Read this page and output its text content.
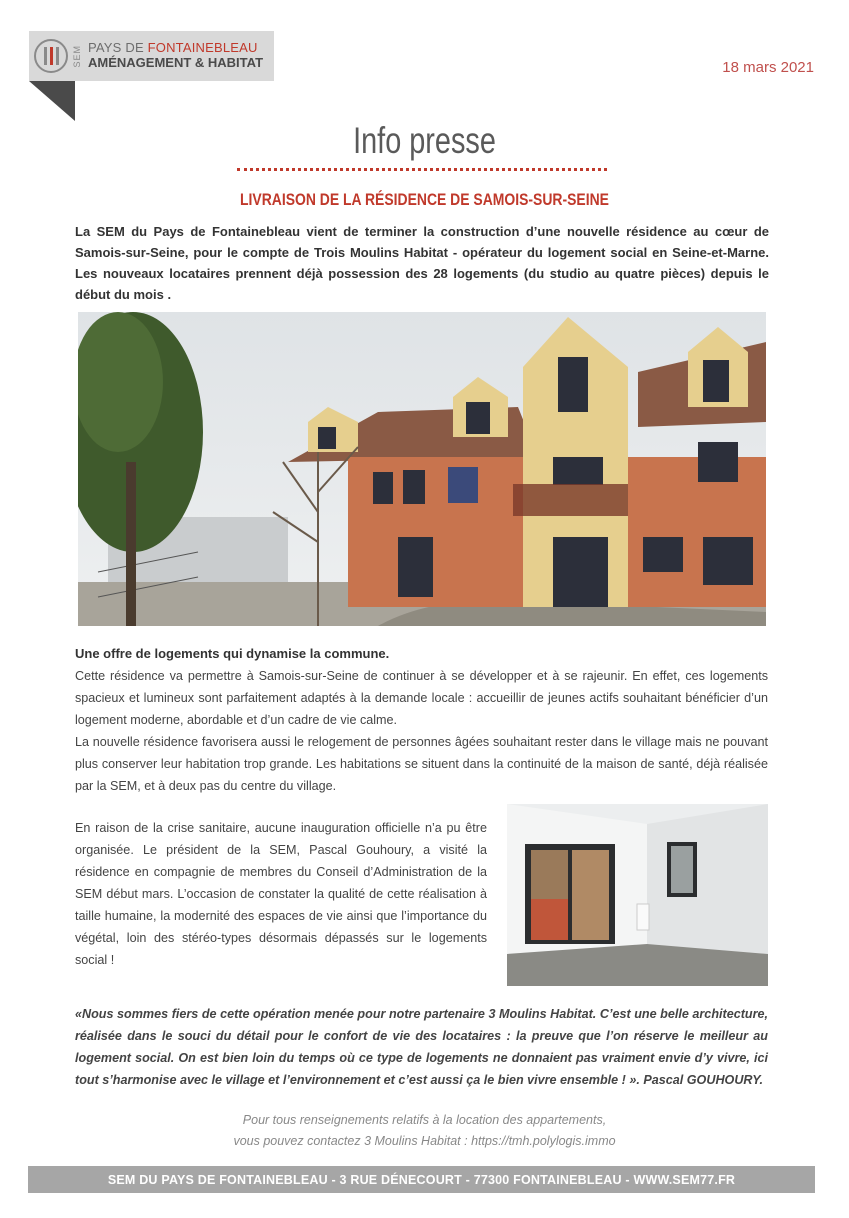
SEM PAYS DE FONTAINEBLEAU
AMÉNAGEMENT & HABITAT	18 mars 2021
Info presse
LIVRAISON DE LA RÉSIDENCE DE SAMOIS-SUR-SEINE
La SEM du Pays de Fontainebleau vient de terminer la construction d’une nouvelle résidence au cœur de Samois-sur-Seine, pour le compte de Trois Moulins Habitat - opérateur du logement social en Seine-et-Marne. Les nouveaux locataires prennent déjà possession des 28 logements (du studio au quatre pièces) depuis le début du mois .
Une offre de logements qui dynamise la commune.
Cette résidence va permettre à Samois-sur-Seine de continuer à se développer et à se rajeunir. En effet, ces logements spacieux et lumineux sont parfaitement adaptés à la demande locale : accueillir de jeunes actifs souhaitant bénéficier d’un logement moderne, abordable et d’un cadre de vie calme.
La nouvelle résidence favorisera aussi le relogement de personnes âgées souhaitant rester dans le village mais ne pouvant plus conserver leur habitation trop grande. Les habitations se situent dans la continuité de la maison de santé, déjà réalisée par la SEM, et à deux pas du centre du village.
En raison de la crise sanitaire, aucune inauguration officielle n’a pu être organisée. Le président de la SEM, Pascal Gouhoury, a visité la résidence en compagnie de membres du Conseil d’Administration de la SEM début mars. L’occasion de constater la qualité de cette réalisation à taille humaine, la modernité des espaces de vie ainsi que l’importance du végétal, loin des stéréo-types désormais dépassés sur le logements social !
«Nous sommes fiers de cette opération menée pour notre partenaire 3 Moulins Habitat. C’est une belle architecture, réalisée dans le souci du détail pour le confort de vie des locataires : la preuve que l’on réserve le meilleur au logement social. On est bien loin du temps où ce type de logements ne donnaient pas vraiment envie d’y vivre, ici tout s’harmonise avec le village et l’environnement et c’est aussi ça le bien vivre ensemble ! ». Pascal GOUHOURY.
Pour tous renseignements relatifs à la location des appartements,
vous pouvez contactez 3 Moulins Habitat : https://tmh.polylogis.immo
SEM DU PAYS DE FONTAINEBLEAU - 3 RUE DÉNECOURT - 77300 FONTAINEBLEAU - WWW.SEM77.FR
